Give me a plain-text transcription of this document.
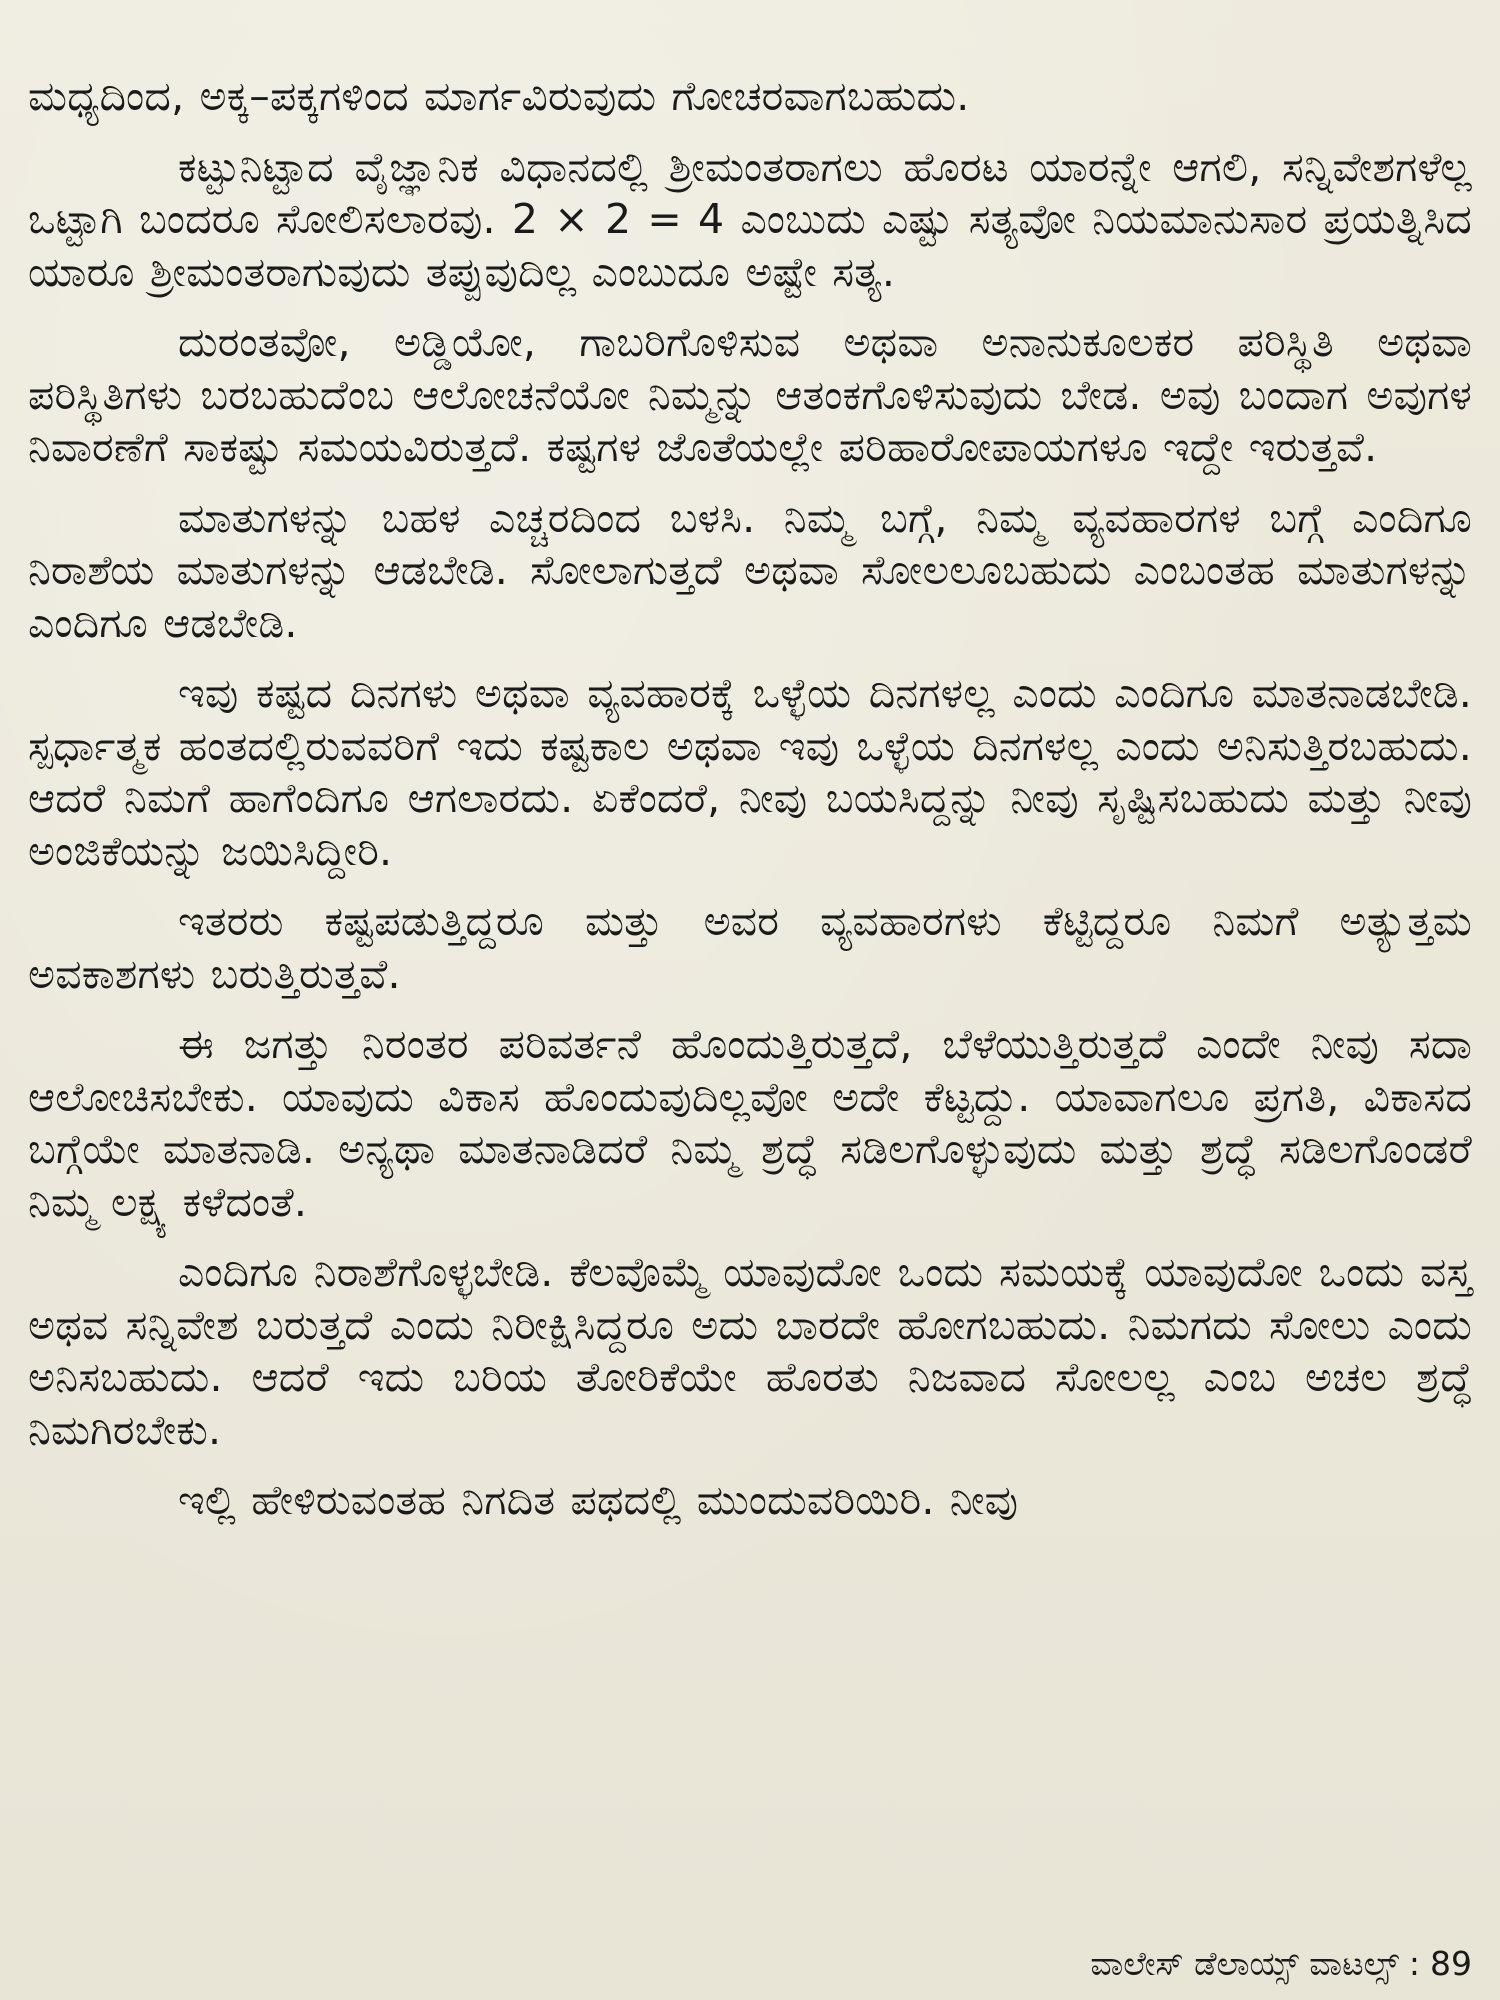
ಮಧ್ಯದಿಂದ, ಅಕ್ಕ–ಪಕ್ಕಗಳಿಂದ ಮಾರ್ಗವಿರುವುದು ಗೋಚರವಾಗಬಹುದು.

ಕಟ್ಟುನಿಟ್ಟಾದ ವೈಜ್ಞಾನಿಕ ವಿಧಾನದಲ್ಲಿ ಶ್ರೀಮಂತರಾಗಲು ಹೊರಟ ಯಾರನ್ನೇ ಆಗಲಿ, ಸನ್ನಿವೇಶಗಳೆಲ್ಲ ಒಟ್ಟಾಗಿ ಬಂದರೂ ಸೋಲಿಸಲಾರವು. 2 × 2 = 4 ಎಂಬುದು ಎಷ್ಟು ಸತ್ಯವೋ ನಿಯಮಾನುಸಾರ ಪ್ರಯತ್ನಿಸಿದ ಯಾರೂ ಶ್ರೀಮಂತರಾಗುವುದು ತಪ್ಪುವುದಿಲ್ಲ ಎಂಬುದೂ ಅಷ್ಟೇ ಸತ್ಯ.

ದುರಂತವೋ, ಅಡ್ಡಿಯೋ, ಗಾಬರಿಗೊಳಿಸುವ ಅಥವಾ ಅನಾನುಕೂಲಕರ ಪರಿಸ್ಥಿತಿ ಅಥವಾ ಪರಿಸ್ಥಿತಿಗಳು ಬರಬಹುದೆಂಬ ಆಲೋಚನೆಯೋ ನಿಮ್ಮನ್ನು ಆತಂಕಗೊಳಿಸುವುದು ಬೇಡ. ಅವು ಬಂದಾಗ ಅವುಗಳ ನಿವಾರಣೆಗೆ ಸಾಕಷ್ಟು ಸಮಯವಿರುತ್ತದೆ. ಕಷ್ಟಗಳ ಜೊತೆಯಲ್ಲೇ ಪರಿಹಾರೋಪಾಯಗಳೂ ಇದ್ದೇ ಇರುತ್ತವೆ.

ಮಾತುಗಳನ್ನು ಬಹಳ ಎಚ್ಚರದಿಂದ ಬಳಸಿ. ನಿಮ್ಮ ಬಗ್ಗೆ, ನಿಮ್ಮ ವ್ಯವಹಾರಗಳ ಬಗ್ಗೆ ಎಂದಿಗೂ ನಿರಾಶೆಯ ಮಾತುಗಳನ್ನು ಆಡಬೇಡಿ. ಸೋಲಾಗುತ್ತದೆ ಅಥವಾ ಸೋಲಲೂಬಹುದು ಎಂಬಂತಹ ಮಾತುಗಳನ್ನು ಎಂದಿಗೂ ಆಡಬೇಡಿ.

ಇವು ಕಷ್ಟದ ದಿನಗಳು ಅಥವಾ ವ್ಯವಹಾರಕ್ಕೆ ಒಳ್ಳೆಯ ದಿನಗಳಲ್ಲ ಎಂದು ಎಂದಿಗೂ ಮಾತನಾಡಬೇಡಿ. ಸ್ಪರ್ಧಾತ್ಮಕ ಹಂತದಲ್ಲಿರುವವರಿಗೆ ಇದು ಕಷ್ಟಕಾಲ ಅಥವಾ ಇವು ಒಳ್ಳೆಯ ದಿನಗಳಲ್ಲ ಎಂದು ಅನಿಸುತ್ತಿರಬಹುದು. ಆದರೆ ನಿಮಗೆ ಹಾಗೆಂದಿಗೂ ಆಗಲಾರದು. ಏಕೆಂದರೆ, ನೀವು ಬಯಸಿದ್ದನ್ನು ನೀವು ಸೃಷ್ಟಿಸಬಹುದು ಮತ್ತು ನೀವು ಅಂಜಿಕೆಯನ್ನು ಜಯಿಸಿದ್ದೀರಿ.

ಇತರರು ಕಷ್ಟಪಡುತ್ತಿದ್ದರೂ ಮತ್ತು ಅವರ ವ್ಯವಹಾರಗಳು ಕೆಟ್ಟಿದ್ದರೂ ನಿಮಗೆ ಅತ್ಯುತ್ತಮ ಅವಕಾಶಗಳು ಬರುತ್ತಿರುತ್ತವೆ.

ಈ ಜಗತ್ತು ನಿರಂತರ ಪರಿವರ್ತನೆ ಹೊಂದುತ್ತಿರುತ್ತದೆ, ಬೆಳೆಯುತ್ತಿರುತ್ತದೆ ಎಂದೇ ನೀವು ಸದಾ ಆಲೋಚಿಸಬೇಕು. ಯಾವುದು ವಿಕಾಸ ಹೊಂದುವುದಿಲ್ಲವೋ ಅದೇ ಕೆಟ್ಟದ್ದು. ಯಾವಾಗಲೂ ಪ್ರಗತಿ, ವಿಕಾಸದ ಬಗ್ಗೆಯೇ ಮಾತನಾಡಿ. ಅನ್ಯಥಾ ಮಾತನಾಡಿದರೆ ನಿಮ್ಮ ಶ್ರದ್ಧೆ ಸಡಿಲಗೊಳ್ಳುವುದು ಮತ್ತು ಶ್ರದ್ಧೆ ಸಡಿಲಗೊಂಡರೆ ನಿಮ್ಮ ಲಕ್ಷ್ಯ ಕಳೆದಂತೆ.

ಎಂದಿಗೂ ನಿರಾಶೆಗೊಳ್ಳಬೇಡಿ. ಕೆಲವೊಮ್ಮೆ ಯಾವುದೋ ಒಂದು ಸಮಯಕ್ಕೆ ಯಾವುದೋ ಒಂದು ವಸ್ತ ಅಥವ ಸನ್ನಿವೇಶ ಬರುತ್ತದೆ ಎಂದು ನಿರೀಕ್ಷಿಸಿದ್ದರೂ ಅದು ಬಾರದೇ ಹೋಗಬಹುದು. ನಿಮಗದು ಸೋಲು ಎಂದು ಅನಿಸಬಹುದು. ಆದರೆ ಇದು ಬರಿಯ ತೋರಿಕೆಯೇ ಹೊರತು ನಿಜವಾದ ಸೋಲಲ್ಲ ಎಂಬ ಅಚಲ ಶ್ರದ್ಧೆ ನಿಮಗಿರಬೇಕು.

ಇಲ್ಲಿ ಹೇಳಿರುವಂತಹ ನಿಗದಿತ ಪಥದಲ್ಲಿ ಮುಂದುವರಿಯಿರಿ. ನೀವು

ವಾಲೇಸ್ ಡೆಲಾಯ್ಸ್ ವಾಟಲ್ಸ್ : 89
